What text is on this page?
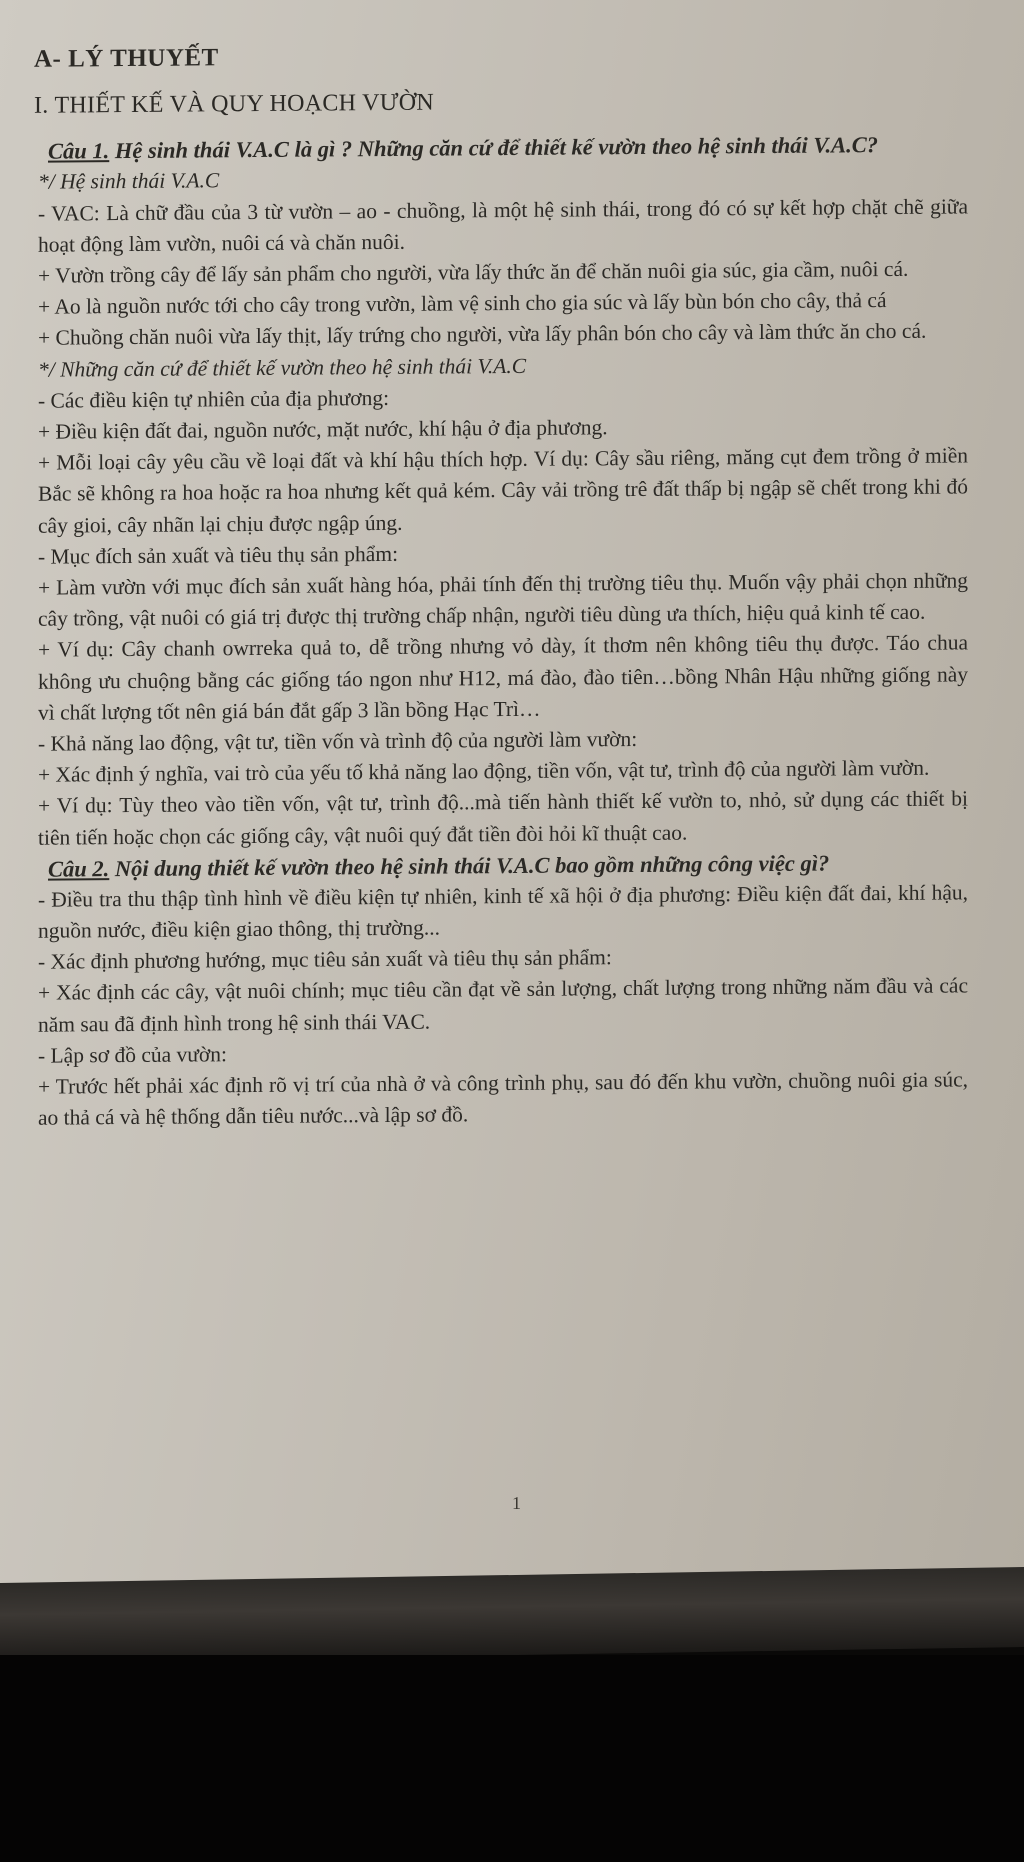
A- LÝ THUYẾT
I. THIẾT KẾ VÀ QUY HOẠCH VƯỜN
Câu 1. Hệ sinh thái V.A.C là gì ? Những căn cứ để thiết kế vườn theo hệ sinh thái V.A.C?
*/ Hệ sinh thái V.A.C
- VAC: Là chữ đầu của 3 từ vườn – ao - chuồng, là một hệ sinh thái, trong đó có sự kết hợp chặt chẽ giữa hoạt động làm vườn, nuôi cá và chăn nuôi.
+ Vườn trồng cây để lấy sản phẩm cho người, vừa lấy thức ăn để chăn nuôi gia súc, gia cầm, nuôi cá.
+ Ao là nguồn nước tới cho cây trong vườn, làm vệ sinh cho gia súc và lấy bùn bón cho cây, thả cá
+ Chuồng chăn nuôi vừa lấy thịt, lấy trứng cho người, vừa lấy phân bón cho cây và làm thức ăn cho cá.
*/ Những căn cứ để thiết kế vườn theo hệ sinh thái V.A.C
- Các điều kiện tự nhiên của địa phương:
+ Điều kiện đất đai, nguồn nước, mặt nước, khí hậu ở địa phương.
+ Mỗi loại cây yêu cầu về loại đất và khí hậu thích hợp. Ví dụ: Cây sầu riêng, măng cụt đem trồng ở miền Bắc sẽ không ra hoa hoặc ra hoa nhưng kết quả kém. Cây vải trồng trê đất thấp bị ngập sẽ chết trong khi đó cây gioi, cây nhãn lại chịu được ngập úng.
- Mục đích sản xuất và tiêu thụ sản phẩm:
+ Làm vườn với mục đích sản xuất hàng hóa, phải tính đến thị trường tiêu thụ. Muốn vậy phải chọn những cây trồng, vật nuôi có giá trị được thị trường chấp nhận, người tiêu dùng ưa thích, hiệu quả kinh tế cao.
+ Ví dụ: Cây chanh owrreka quả to, dễ trồng nhưng vỏ dày, ít thơm nên không tiêu thụ được. Táo chua không ưu chuộng bằng các giống táo ngon như H12, má đào, đào tiên…bồng Nhân Hậu những giống này vì chất lượng tốt nên giá bán đắt gấp 3 lần bồng Hạc Trì…
- Khả năng lao động, vật tư, tiền vốn và trình độ của người làm vườn:
+ Xác định ý nghĩa, vai trò của yếu tố khả năng lao động, tiền vốn, vật tư, trình độ của người làm vườn.
+ Ví dụ: Tùy theo vào tiền vốn, vật tư, trình độ...mà tiến hành thiết kế vườn to, nhỏ, sử dụng các thiết bị tiên tiến hoặc chọn các giống cây, vật nuôi quý đắt tiền đòi hỏi kĩ thuật cao.
Câu 2. Nội dung thiết kế vườn theo hệ sinh thái V.A.C bao gồm những công việc gì?
- Điều tra thu thập tình hình về điều kiện tự nhiên, kinh tế xã hội ở địa phương: Điều kiện đất đai, khí hậu, nguồn nước, điều kiện giao thông, thị trường...
- Xác định phương hướng, mục tiêu sản xuất và tiêu thụ sản phẩm:
+ Xác định các cây, vật nuôi chính; mục tiêu cần đạt về sản lượng, chất lượng trong những năm đầu và các năm sau đã định hình trong hệ sinh thái VAC.
- Lập sơ đồ của vườn:
+ Trước hết phải xác định rõ vị trí của nhà ở và công trình phụ, sau đó đến khu vườn, chuồng nuôi gia súc, ao thả cá và hệ thống dẫn tiêu nước...và lập sơ đồ.
1
